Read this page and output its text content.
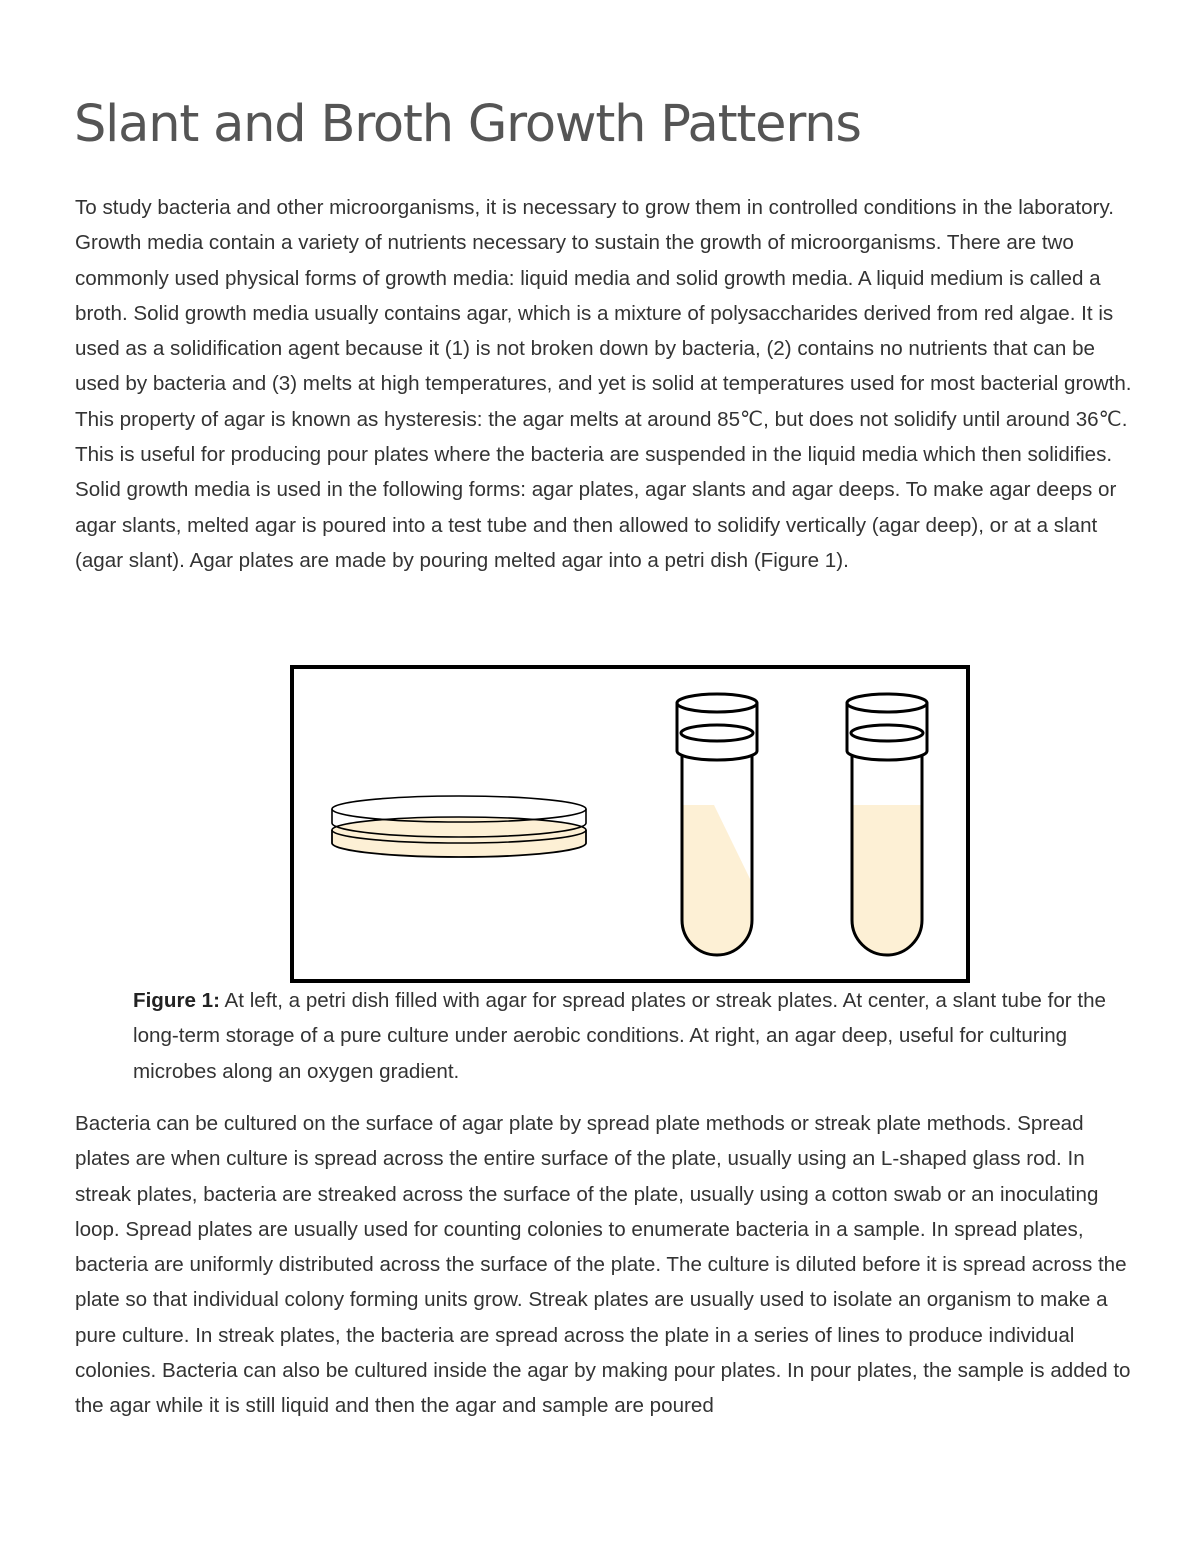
Slant and Broth Growth Patterns

To study bacteria and other microorganisms, it is necessary to grow them in controlled conditions in the laboratory. Growth media contain a variety of nutrients necessary to sustain the growth of microorganisms. There are two commonly used physical forms of growth media: liquid media and solid growth media. A liquid medium is called a broth. Solid growth media usually contains agar, which is a mixture of polysaccharides derived from red algae. It is used as a solidification agent because it (1) is not broken down by bacteria, (2) contains no nutrients that can be used by bacteria and (3) melts at high temperatures, and yet is solid at temperatures used for most bacterial growth. This property of agar is known as hysteresis: the agar melts at around 85℃, but does not solidify until around 36℃. This is useful for producing pour plates where the bacteria are suspended in the liquid media which then solidifies. Solid growth media is used in the following forms: agar plates, agar slants and agar deeps. To make agar deeps or agar slants, melted agar is poured into a test tube and then allowed to solidify vertically (agar deep), or at a slant (agar slant). Agar plates are made by pouring melted agar into a petri dish (Figure 1).

Figure 1: At left, a petri dish filled with agar for spread plates or streak plates. At center, a slant tube for the long-term storage of a pure culture under aerobic conditions. At right, an agar deep, useful for culturing microbes along an oxygen gradient.

Bacteria can be cultured on the surface of agar plate by spread plate methods or streak plate methods. Spread plates are when culture is spread across the entire surface of the plate, usually using an L-shaped glass rod. In streak plates, bacteria are streaked across the surface of the plate, usually using a cotton swab or an inoculating loop. Spread plates are usually used for counting colonies to enumerate bacteria in a sample. In spread plates, bacteria are uniformly distributed across the surface of the plate. The culture is diluted before it is spread across the plate so that individual colony forming units grow. Streak plates are usually used to isolate an organism to make a pure culture. In streak plates, the bacteria are spread across the plate in a series of lines to produce individual colonies. Bacteria can also be cultured inside the agar by making pour plates. In pour plates, the sample is added to the agar while it is still liquid and then the agar and sample are poured
